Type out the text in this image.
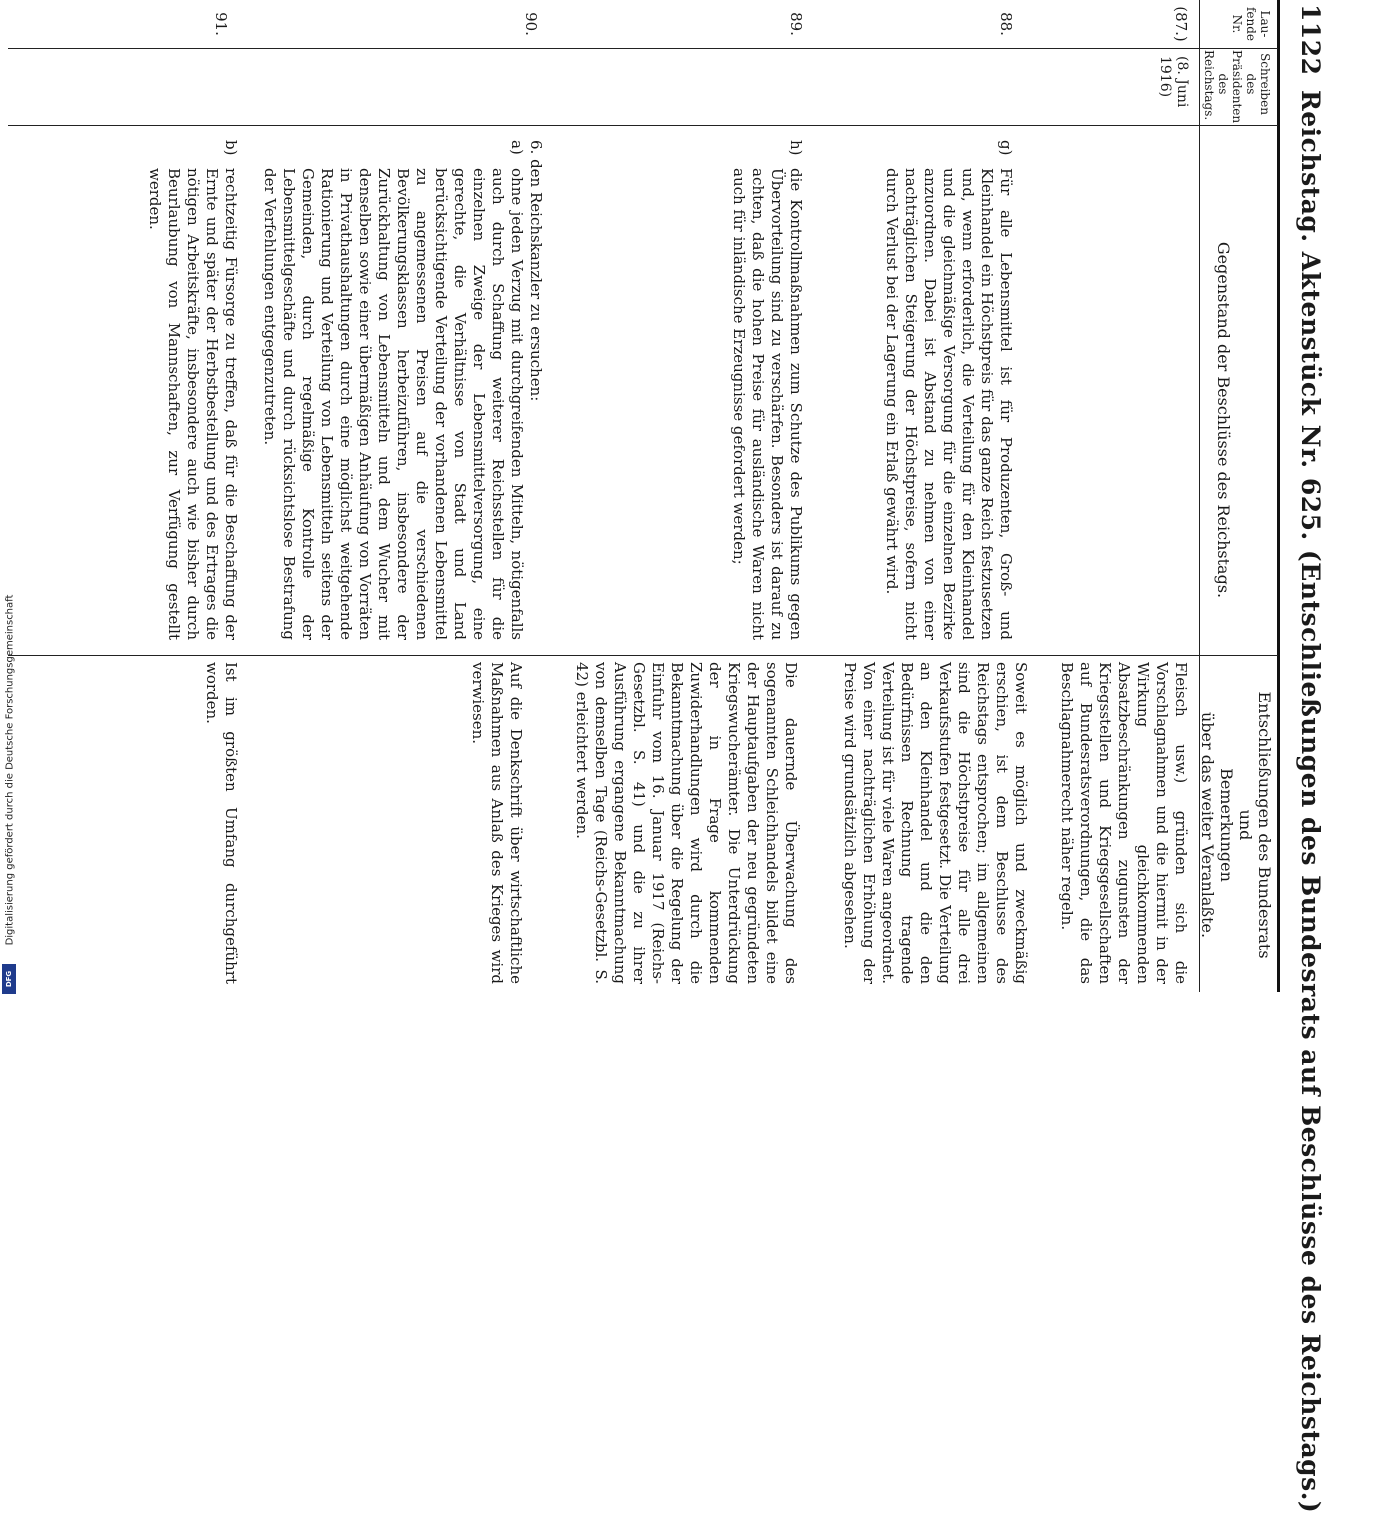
1122
Reichstag. Aktenstück Nr. 625. (Entschließungen des Bundesrats auf Beschlüsse des Reichstags.)
Lau-
fende
Nr.
Schreiben
des
Präsidenten
des
Reichstags.
Gegenstand der Beschlüsse des Reichstags.
Entschließungen des Bundesrats
und
Bemerkungen
über das weiter Veranlaßte.
(87.)
(8. Juni
1916)
Fleisch usw.) gründen sich die Vorschlagnahmen und die hiermit in der Wirkung gleichkommenden Absatzbeschränkungen zugunsten der Kriegsstellen und Kriegsgesellschaften auf Bundesratsverordnungen, die das Beschlagnahmerecht näher regeln.
88.
g)
Für alle Lebensmittel ist für Produzenten, Groß- und Kleinhandel ein Höchstpreis für das ganze Reich festzusetzen und, wenn erforderlich, die Verteilung für den Kleinhandel und die gleichmäßige Versorgung für die einzelnen Bezirke anzuordnen. Dabei ist Abstand zu nehmen von einer nachträglichen Steigerung der Höchstpreise, sofern nicht durch Verlust bei der Lagerung ein Erlaß gewährt wird.
Soweit es möglich und zweckmäßig erschien, ist dem Beschlusse des Reichstags entsprochen; im allgemeinen sind die Höchstpreise für alle drei Verkaufsstufen festgesetzt. Die Verteilung an den Kleinhandel und die den Bedürfnissen Rechnung tragende Verteilung ist für viele Waren angeordnet. Von einer nachträglichen Erhöhung der Preise wird grundsätzlich abgesehen.
89.
h)
die Kontrollmaßnahmen zum Schutze des Publikums gegen Übervorteilung sind zu verschärfen. Besonders ist darauf zu achten, daß die hohen Preise für ausländische Waren nicht auch für inländische Erzeugnisse gefordert werden;
Die dauernde Überwachung des sogenannten Schleichhandels bildet eine der Hauptaufgaben der neu gegründeten Kriegswucherämter. Die Unterdrückung der in Frage kommenden Zuwiderhandlungen wird durch die Bekanntmachung über die Regelung der Einfuhr vom 16. Januar 1917 (Reichs-Gesetzbl. S. 41) und die zu ihrer Ausführung ergangene Bekanntmachung von demselben Tage (Reichs-Gesetzbl. S. 42) erleichtert werden.
90.
6. den Reichskanzler zu ersuchen:
a)
ohne jeden Verzug mit durchgreifenden Mitteln, nötigenfalls auch durch Schaffung weiterer Reichsstellen für die einzelnen Zweige der Lebensmittelversorgung, eine gerechte, die Verhältnisse von Stadt und Land berücksichtigende Verteilung der vorhandenen Lebensmittel zu angemessenen Preisen auf die verschiedenen Bevölkerungsklassen herbeizuführen, insbesondere der Zurückhaltung von Lebensmitteln und dem Wucher mit denselben sowie einer übermäßigen Anhäufung von Vorräten in Privathaushaltungen durch eine möglichst weitgehende Rationierung und Verteilung von Lebensmitteln seitens der Gemeinden, durch regelmäßige Kontrolle der Lebensmittelgeschäfte und durch rücksichtslose Bestrafung der Verfehlungen entgegenzutreten.
Auf die Denkschrift über wirtschaftliche Maßnahmen aus Anlaß des Krieges wird verwiesen.
91.
b)
rechtzeitig Fürsorge zu treffen, daß für die Beschaffung der Ernte und später der Herbstbestellung und des Ertrages die nötigen Arbeitskräfte, insbesondere auch wie bisher durch Beurlaubung von Mannschaften, zur Verfügung gestellt werden.
Ist im größten Umfang durchgeführt worden.
Digitalisierung gefördert durch die Deutsche Forschungsgemeinschaft
DFG
